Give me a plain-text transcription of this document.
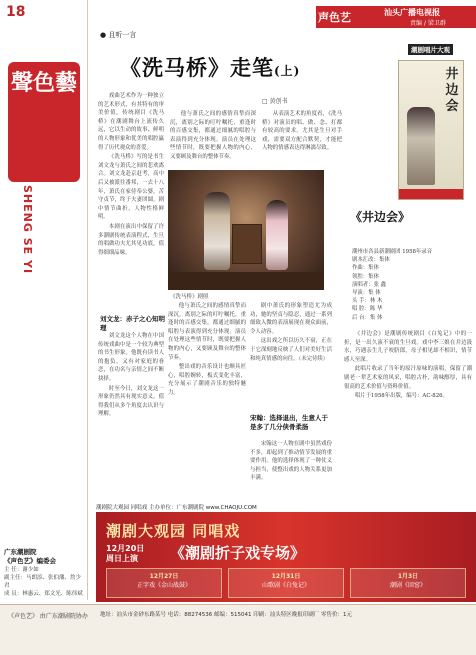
18
聲色藝
SHENG SE YI
广东潮剧院
《声色艺》编委会
主 任：谢少如
副主任：马朗添、张伯藩、詹少君
成 员：林惠云、郑文光、陈伟斌
声色艺	汕头广播电视报
责编 / 梁卫群
● 且听一言
《洗马桥》走笔(上)
□ 黄创书

戏曲艺术作为一种独立的艺术形式，有其特有的审美价值。传统剧目《洗马桥》在潮剧舞台上流传久远，它以生动的故事、鲜明的人物形象和优美的唱腔赢得了历代观众的喜爱。

《洗马桥》写的是书生刘文龙与萧氏之间的悲欢离合。刘文龙赴京赶考，高中后又被派往番邦，一去十八年，萧氏在家侍奉公婆，苦守贞节，终于夫妻团圆。剧中情节曲折，人物性格鲜明。

本剧在演出中保留了许多潮剧传统表演程式，生旦的唱做功夫尤其见功底，值得细细品味。

刘文龙：赤子之心知明理

刘文龙这个人物在中国传统戏曲中是一个较为典型的书生形象。他既有读书人的抱负，又有对家庭的眷恋，在功名与亲情之间不断抉择。

时至今日，刘文龙这一形象仍然具有现实意义，值得我们从多个角度去认识与理解。

他与萧氏之间的感情真挚而深沉，离别之际的叮咛嘱托，重逢时的百感交集，都通过细腻的唱腔与表演得到充分体现。演员在处理这些情节时，既要把握人物的内心，又要顾及舞台的整体节奏。

《洗马桥》剧照

他与萧氏之间的感情真挚而深沉，离别之际的叮咛嘱托，重逢时的百感交集，都通过细腻的唱腔与表演得到充分体现。演员在处理这些情节时，既要把握人物的内心，又要顾及舞台的整体节奏。

整出戏的音乐设计也颇具匠心，唱腔婉转，板式变化丰富，充分展示了潮剧音乐的独特魅力。

宋翰：选择退出，生意人于是多了几分侠骨柔肠

宋翰这一人物在剧中虽然戏份不多，却起到了推动情节发展的重要作用。他的选择体现了一种仗义与担当，使整出戏的人物关系更加丰满。

从表演艺术的角度看，《洗马桥》对演员的唱、做、念、打都有较高的要求。尤其是生旦对手戏，需要双方配合默契，才能把人物的情感表达得淋漓尽致。

剧中萧氏的形象塑造尤为成功，她的坚贞与隐忍，通过一系列细致入微的表演展现在观众面前，令人动容。

这出戏之所以历久不衰，正在于它深刻地反映了人们对美好生活和纯真情感的向往。（未完待续）

潮剧唱片大观
井边会
《井边会》
潮州市各县新潮剧团 1958年录音
剧本汇改：集体
作曲：集体
领腔：集体
演唱者：张 鑫
导演：集 体
头 手：林 木
唱 腔：陈 华
后 台：集 体

《井边会》是潮剧传统剧目《白兔记》中的一折，是一出久演不衰的生旦戏。戏中李三娘在井边汲水，巧遇亲生儿子咬脐郎，母子相见却不相识，情节感人至深。

此唱片收录了当年的原汁原味的演唱，保留了潮剧老一辈艺术家的风采，唱腔古朴，韵味醇厚，具有很高的艺术价值与资料价值。

唱片于1958年出版，编号：AC-826。

潮剧院大观园 同唱戏 主办单位：广东潮剧院 www.CHAOJU.COM
潮剧大观园 同唱戏
12月20日
周日上演	《潮剧折子戏专场》
12月27日
正字戏《金山战鼓》
12月31日
山歌剧《白兔记》
1月3日
潮剧《回窑》
《声色艺》 由广东潮剧院协办 地址：汕头市金砂东路某号 电话：88274536 邮编：515041 印刷：汕头特区晚报印刷厂 零售价：1元
